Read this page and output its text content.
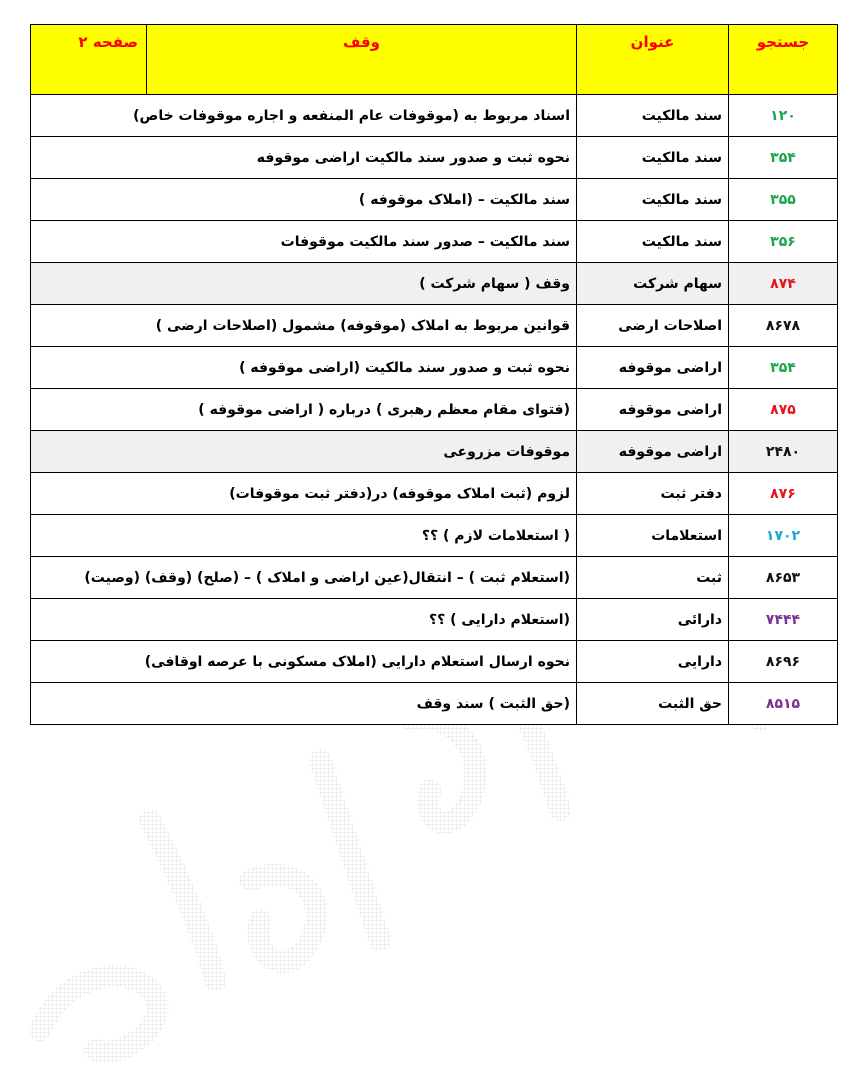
جستجو	عنوان	وقف	صفحه ۲
۱۲۰	سند مالکیت	اسناد مربوط به (موقوفات عام المنفعه و اجاره موقوفات خاص)	
۳۵۴	سند مالکیت	نحوه ثبت و صدور سند مالکیت اراضی موقوفه	
۳۵۵	سند مالکیت	سند مالکیت – (املاک موقوفه )	
۳۵۶	سند مالکیت	سند مالکیت – صدور سند مالکیت موقوفات	
۸۷۴	سهام شرکت	وقف ( سهام شرکت )	
۸۶۷۸	اصلاحات ارضی	قوانین مربوط به املاک (موقوفه) مشمول (اصلاحات ارضی )	
۳۵۴	اراضی موقوفه	نحوه ثبت و صدور سند مالکیت (اراضی موقوفه )	
۸۷۵	اراضی موقوفه	(فتوای مقام معظم رهبری ) درباره ( اراضی موقوفه )	
۲۴۸۰	اراضی موقوفه	موقوفات مزروعی	
۸۷۶	دفتر ثبت	لزوم (ثبت املاک موقوفه) در(دفتر ثبت موقوفات)	
۱۷۰۲	استعلامات	( استعلامات لازم ) ؟؟	
۸۶۵۳	ثبت	(استعلام ثبت ) – انتقال(عین اراضی و املاک ) – (صلح) (وقف) (وصیت)	
۷۴۴۴	دارائی	(استعلام دارایی ) ؟؟	
۸۶۹۶	دارایی	نحوه ارسال استعلام دارایی (املاک مسکونی با عرصه اوقافی)	
۸۵۱۵	حق الثبت	(حق الثبت ) سند وقف	
